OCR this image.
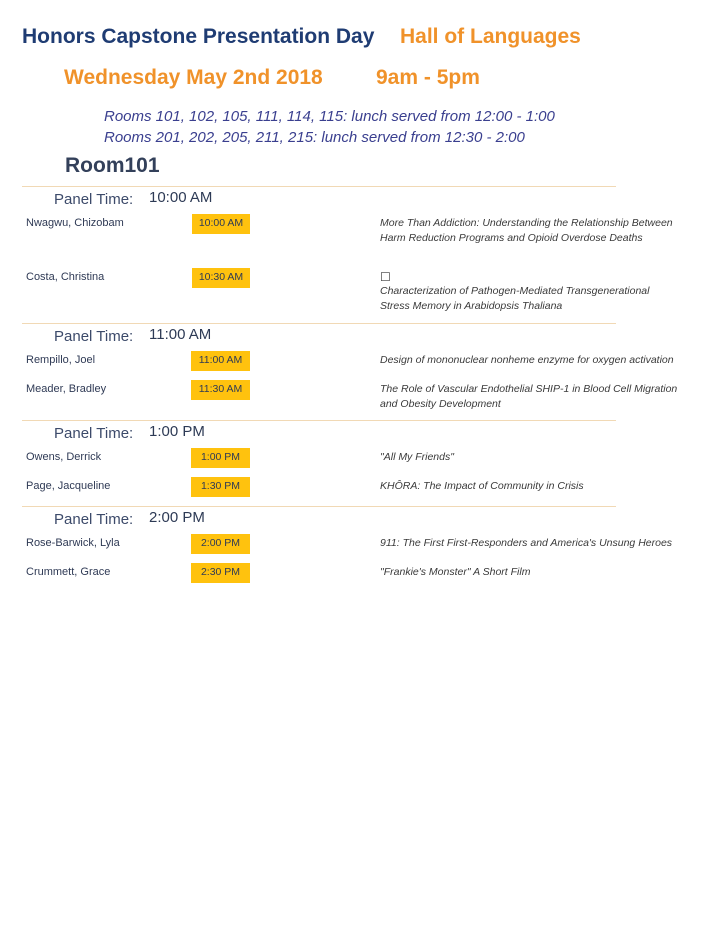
Honors Capstone Presentation Day Hall of Languages
Wednesday May 2nd 2018	9am - 5pm
Rooms 101, 102, 105, 111, 114, 115: lunch served from 12:00 - 1:00
Rooms 201, 202, 205, 211, 215: lunch served from 12:30 - 2:00
Room101
Panel Time: 10:00 AM
Nwagwu, Chizobam	10:00 AM	More Than Addiction: Understanding the Relationship Between Harm Reduction Programs and Opioid Overdose Deaths
Costa, Christina	10:30 AM	☐
Characterization of Pathogen-Mediated Transgenerational Stress Memory in Arabidopsis Thaliana
Panel Time: 11:00 AM
Rempillo, Joel	11:00 AM	Design of mononuclear nonheme enzyme for oxygen activation
Meader, Bradley	11:30 AM	The Role of Vascular Endothelial SHIP-1 in Blood Cell Migration and Obesity Development
Panel Time: 1:00 PM
Owens, Derrick	1:00 PM	"All My Friends"
Page, Jacqueline	1:30 PM	KHÔRA: The Impact of Community in Crisis
Panel Time: 2:00 PM
Rose-Barwick, Lyla	2:00 PM	911: The First First-Responders and America's Unsung Heroes
Crummett, Grace	2:30 PM	"Frankie's Monster" A Short Film
